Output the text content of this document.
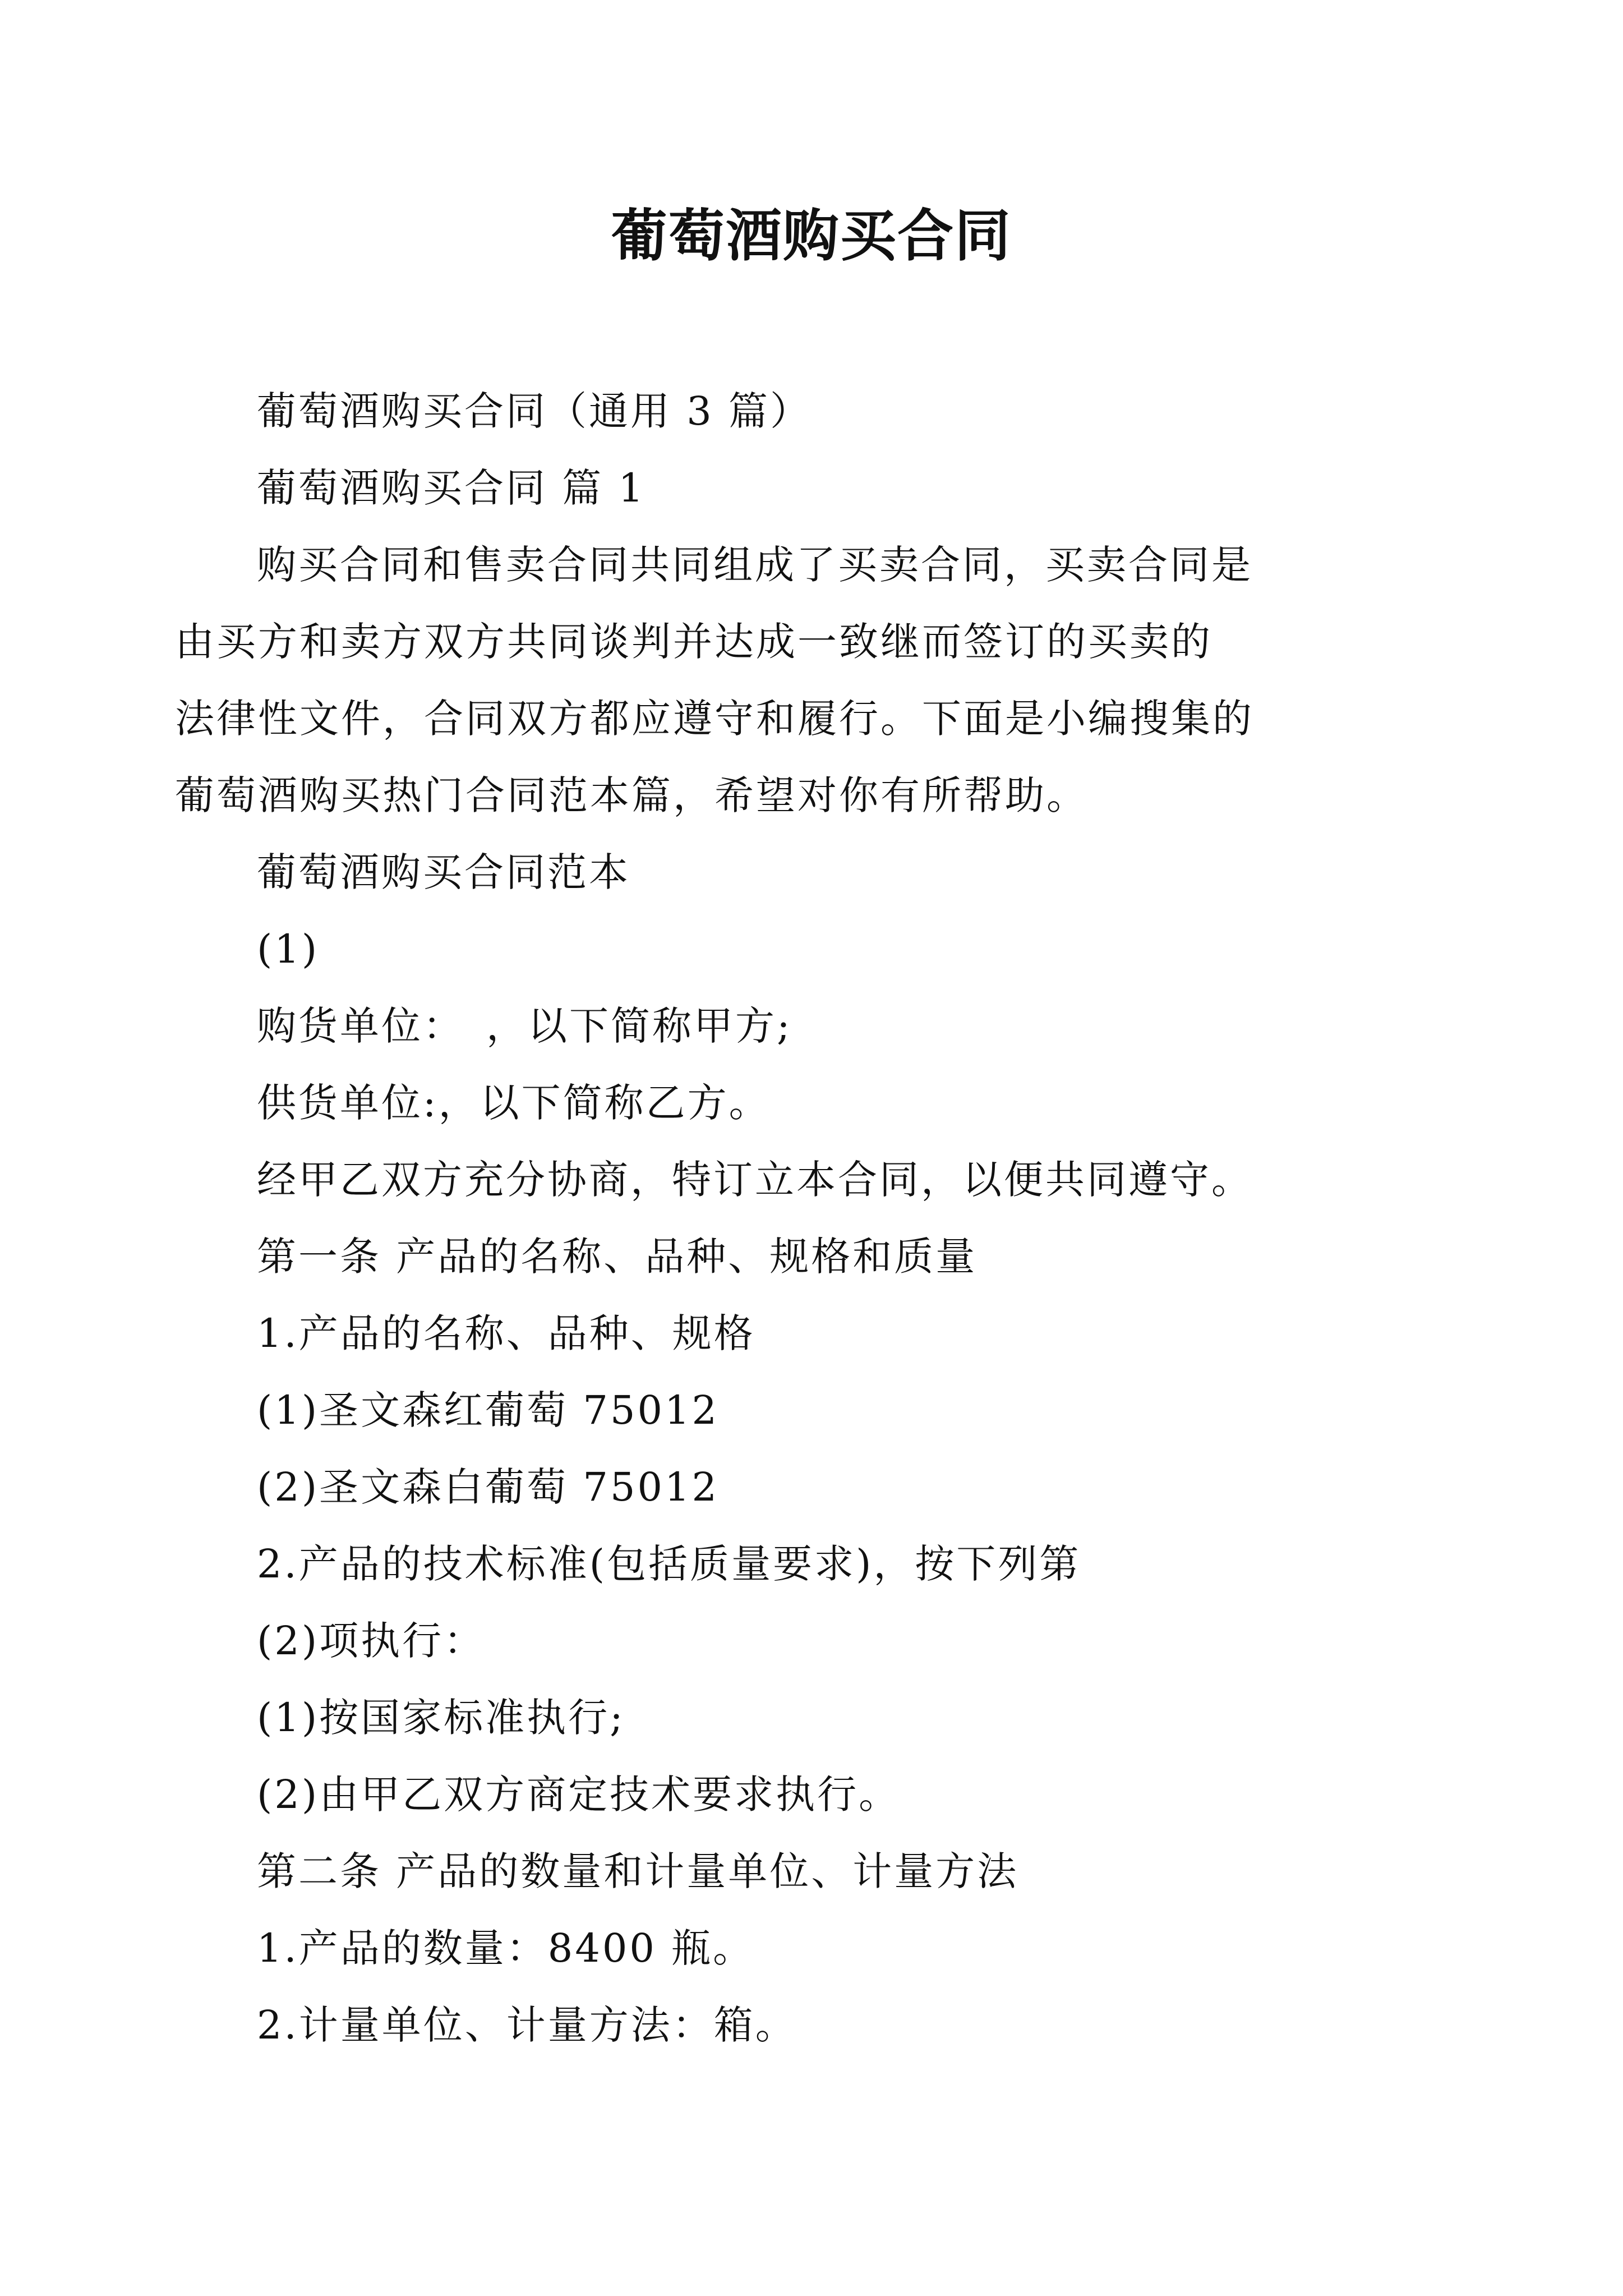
葡萄酒购买合同
葡萄酒购买合同（通用 3 篇）
葡萄酒购买合同 篇 1
购买合同和售卖合同共同组成了买卖合同，买卖合同是
由买方和卖方双方共同谈判并达成一致继而签订的买卖的
法律性文件，合同双方都应遵守和履行。下面是小编搜集的
葡萄酒购买热门合同范本篇，希望对你有所帮助。
葡萄酒购买合同范本
(1)
购货单位：　，以下简称甲方;
供货单位:，以下简称乙方。
经甲乙双方充分协商，特订立本合同，以便共同遵守。
第一条 产品的名称、品种、规格和质量
1.产品的名称、品种、规格
(1)圣文森红葡萄 75012
(2)圣文森白葡萄 75012
2.产品的技术标准(包括质量要求)，按下列第
(2)项执行：
(1)按国家标准执行;
(2)由甲乙双方商定技术要求执行。
第二条 产品的数量和计量单位、计量方法
1.产品的数量：8400 瓶。
2.计量单位、计量方法：箱。
